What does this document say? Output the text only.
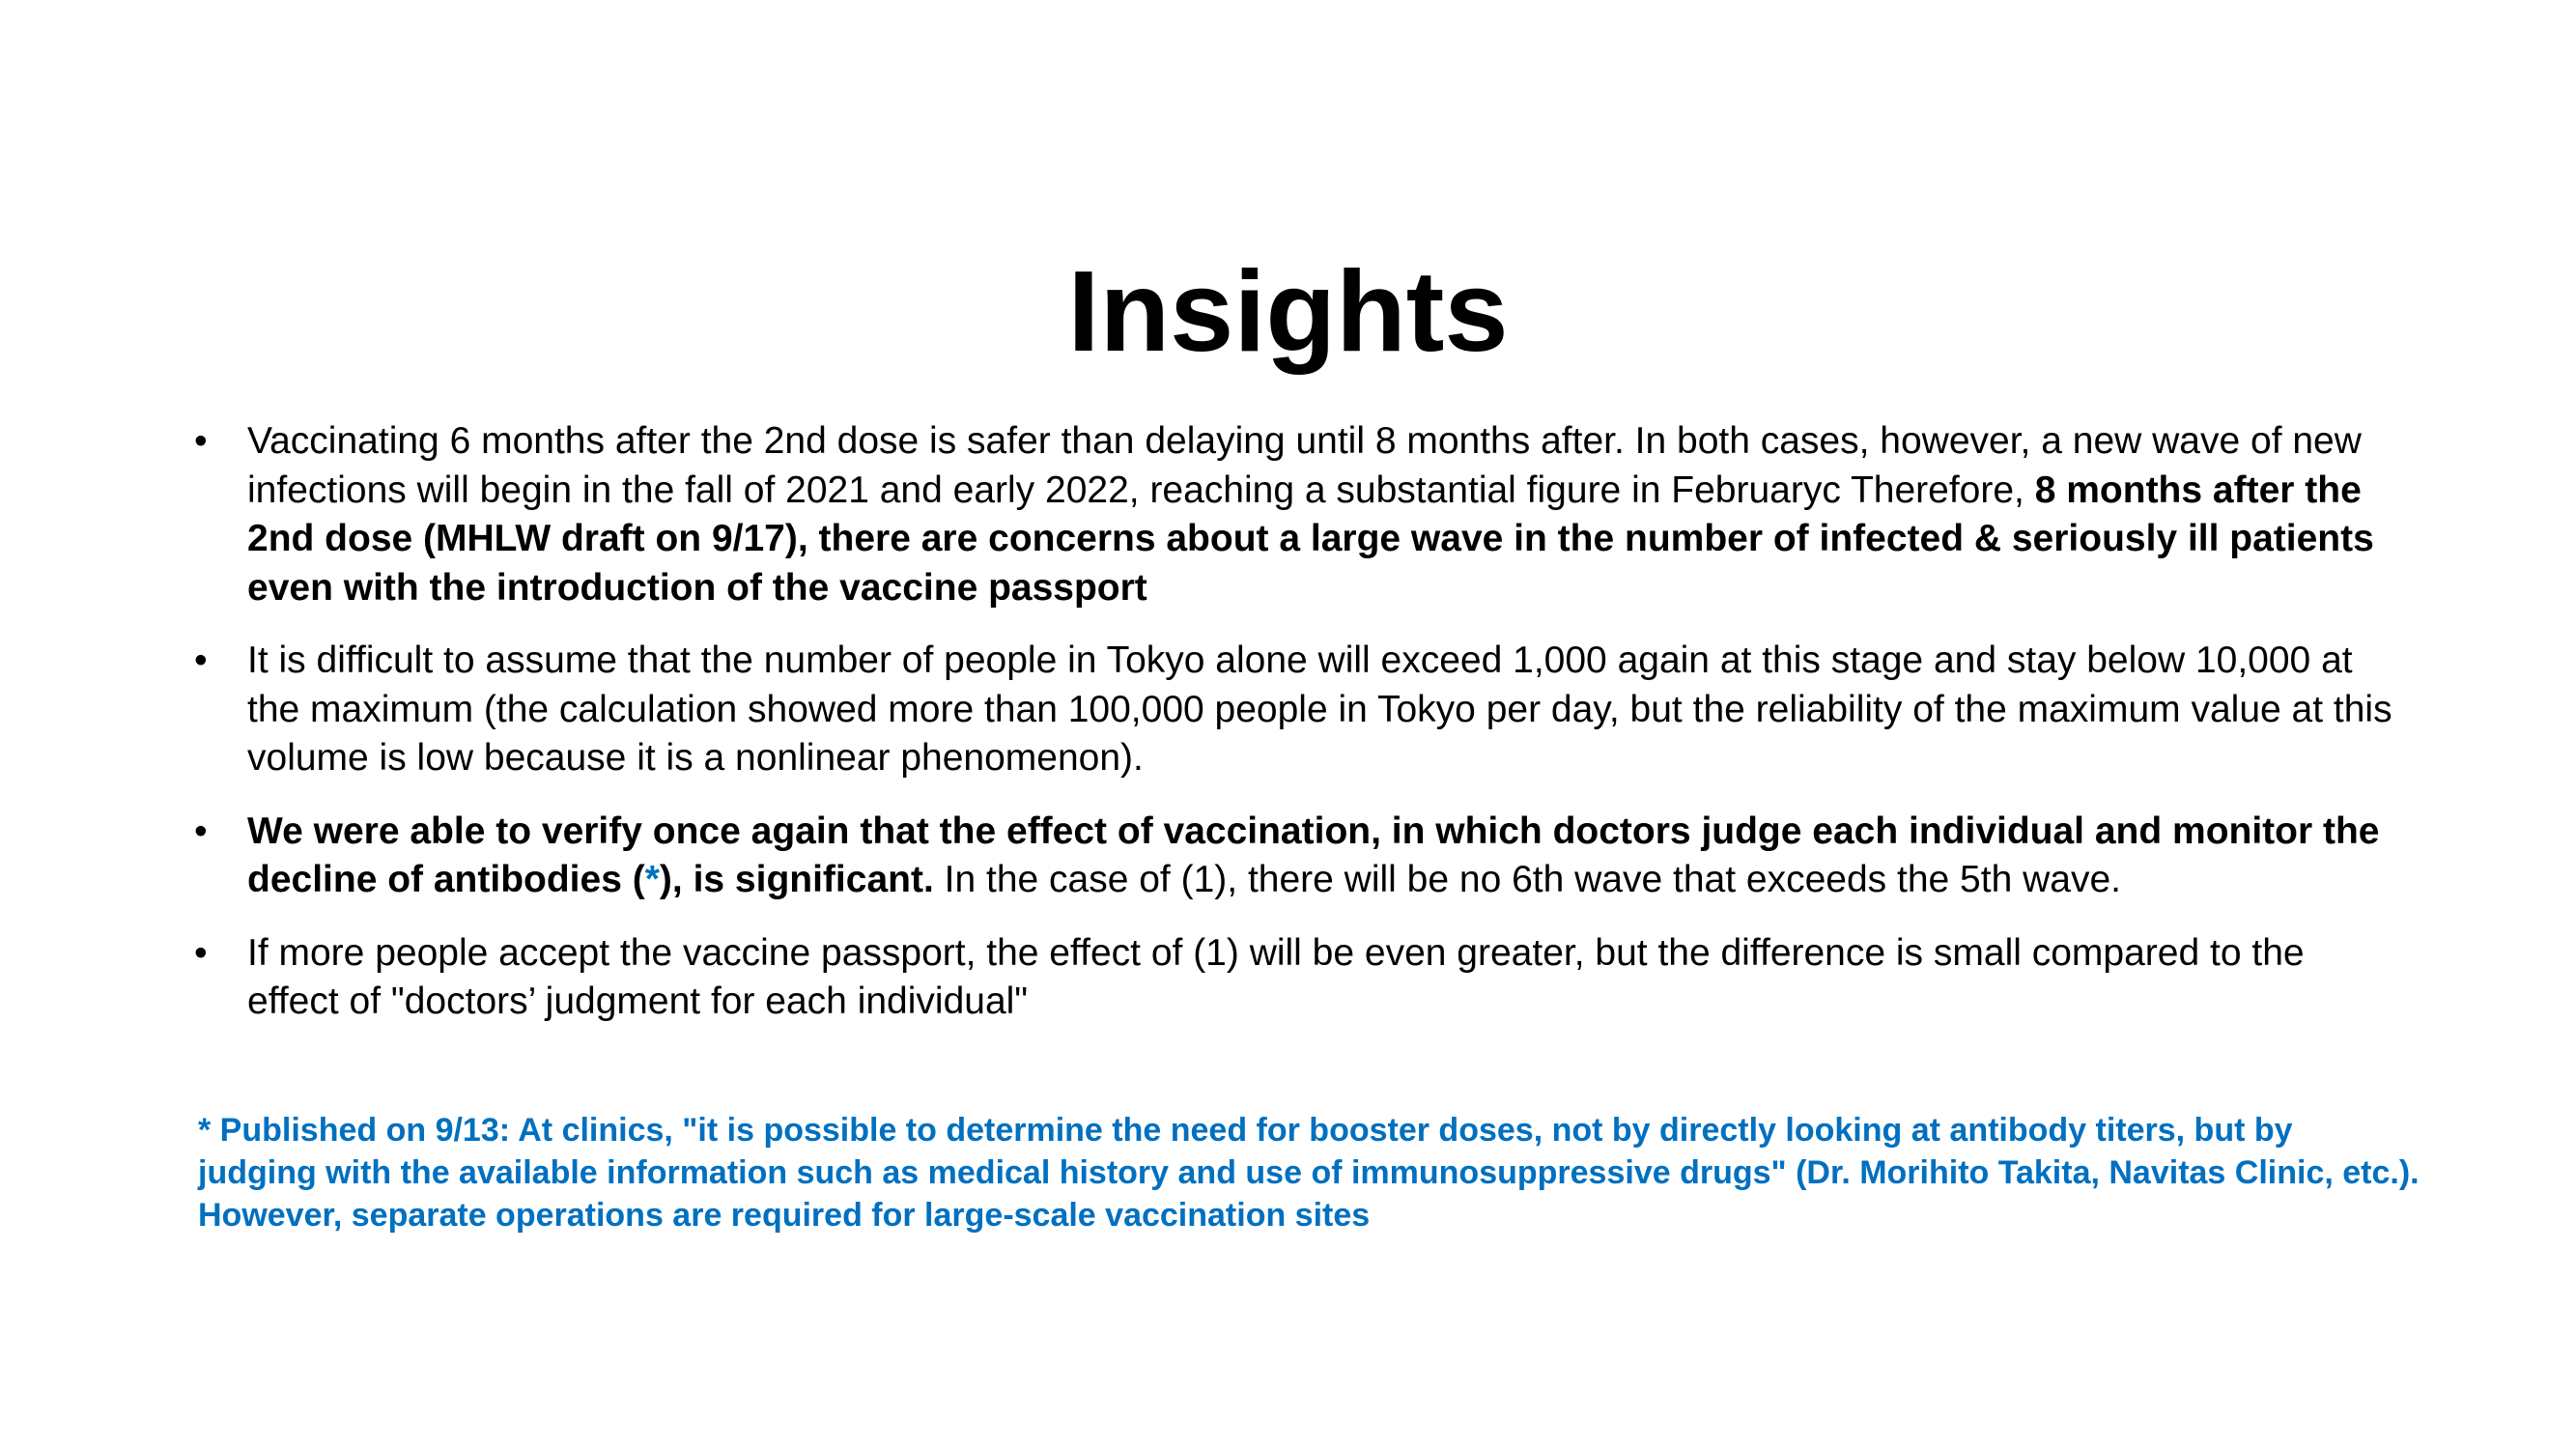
Insights
• Vaccinating 6 months after the 2nd dose is safer than delaying until 8 months after. In both cases, however, a new wave of new infections will begin in the fall of 2021 and early 2022, reaching a substantial figure in Februaryc Therefore, 8 months after the 2nd dose (MHLW draft on 9/17), there are concerns about a large wave in the number of infected & seriously ill patients even with the introduction of the vaccine passport
• It is difficult to assume that the number of people in Tokyo alone will exceed 1,000 again at this stage and stay below 10,000 at the maximum (the calculation showed more than 100,000 people in Tokyo per day, but the reliability of the maximum value at this volume is low because it is a nonlinear phenomenon).
• We were able to verify once again that the effect of vaccination, in which doctors judge each individual and monitor the decline of antibodies (*), is significant. In the case of (1), there will be no 6th wave that exceeds the 5th wave.
• If more people accept the vaccine passport, the effect of (1) will be even greater, but the difference is small compared to the effect of "doctors’ judgment for each individual"

* Published on 9/13: At clinics, "it is possible to determine the need for booster doses, not by directly looking at antibody titers, but by judging with the available information such as medical history and use of immunosuppressive drugs" (Dr. Morihito Takita, Navitas Clinic, etc.). However, separate operations are required for large-scale vaccination sites
